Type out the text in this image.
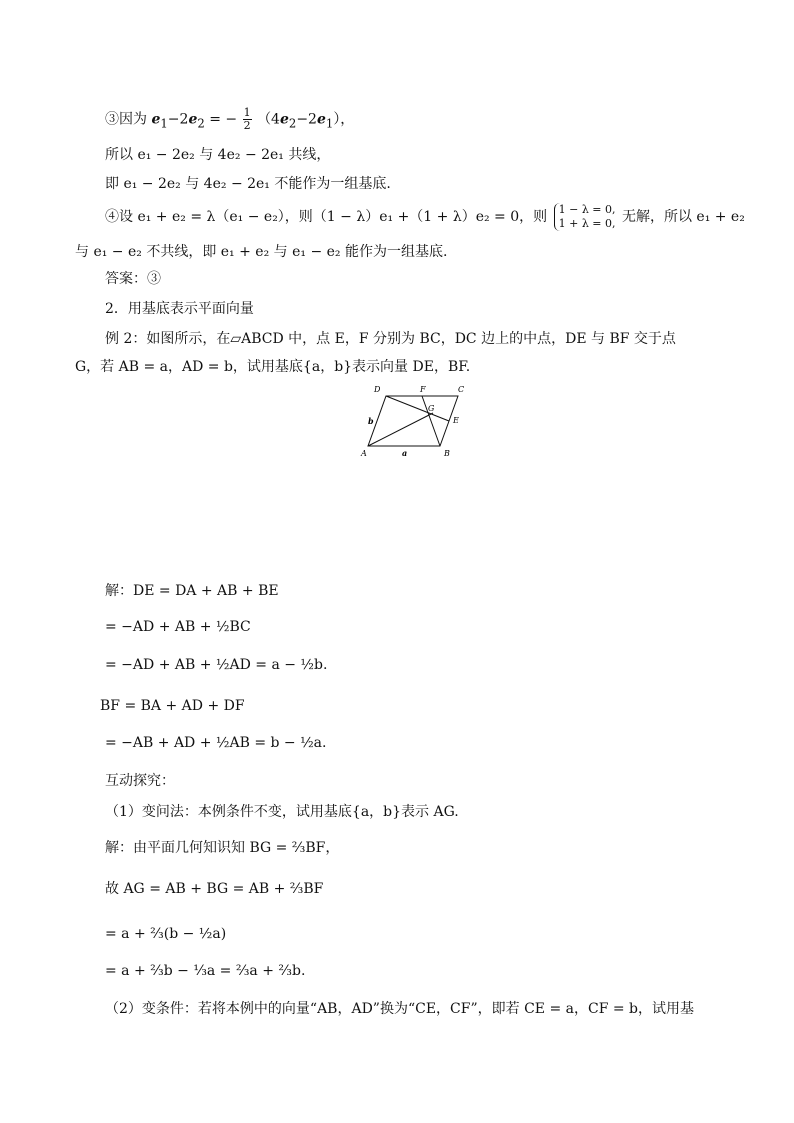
③因为 $e_1-2e_2$ = − $\frac{1}{2} (4e_2-2e_1)$，
所以 e₁ − 2e₂ 与 4e₂ − 2e₁ 共线，
即 e₁ − 2e₂ 与 4e₂ − 2e₁ 不能作为一组基底.
④设 e₁ + e₂ = λ（e₁ − e₂），则（1 − λ）e₁ +（1 + λ）e₂ = 0，则 1 − λ = 0,
1 + λ = 0, 无解，所以 e₁ + e₂
与 e₁ − e₂ 不共线，即 e₁ + e₂ 与 e₁ − e₂ 能作为一组基底.
答案：③
2．用基底表示平面向量
例 2：如图所示，在▱ABCD 中，点 E，F 分别为 BC，DC 边上的中点，DE 与 BF 交于点
G，若 AB = a，AD = b，试用基底{a，b}表示向量 DE，BF.
D	F	C
G
E
A	B
a
b
解：DE = DA + AB + BE
= −AD + AB + ½BC
= −AD + AB + ½AD = a − ½b.
BF = BA + AD + DF
= −AB + AD + ½AB = b − ½a.
互动探究：
（1）变问法：本例条件不变，试用基底{a，b}表示 AG.
解：由平面几何知识知 BG = ⅔BF，
故 AG = AB + BG = AB + ⅔BF
= a + ⅔(b − ½a)
= a + ⅔b − ⅓a = ⅔a + ⅔b.
（2）变条件：若将本例中的向量“AB，AD”换为“CE，CF”，即若 CE = a，CF = b，试用基
